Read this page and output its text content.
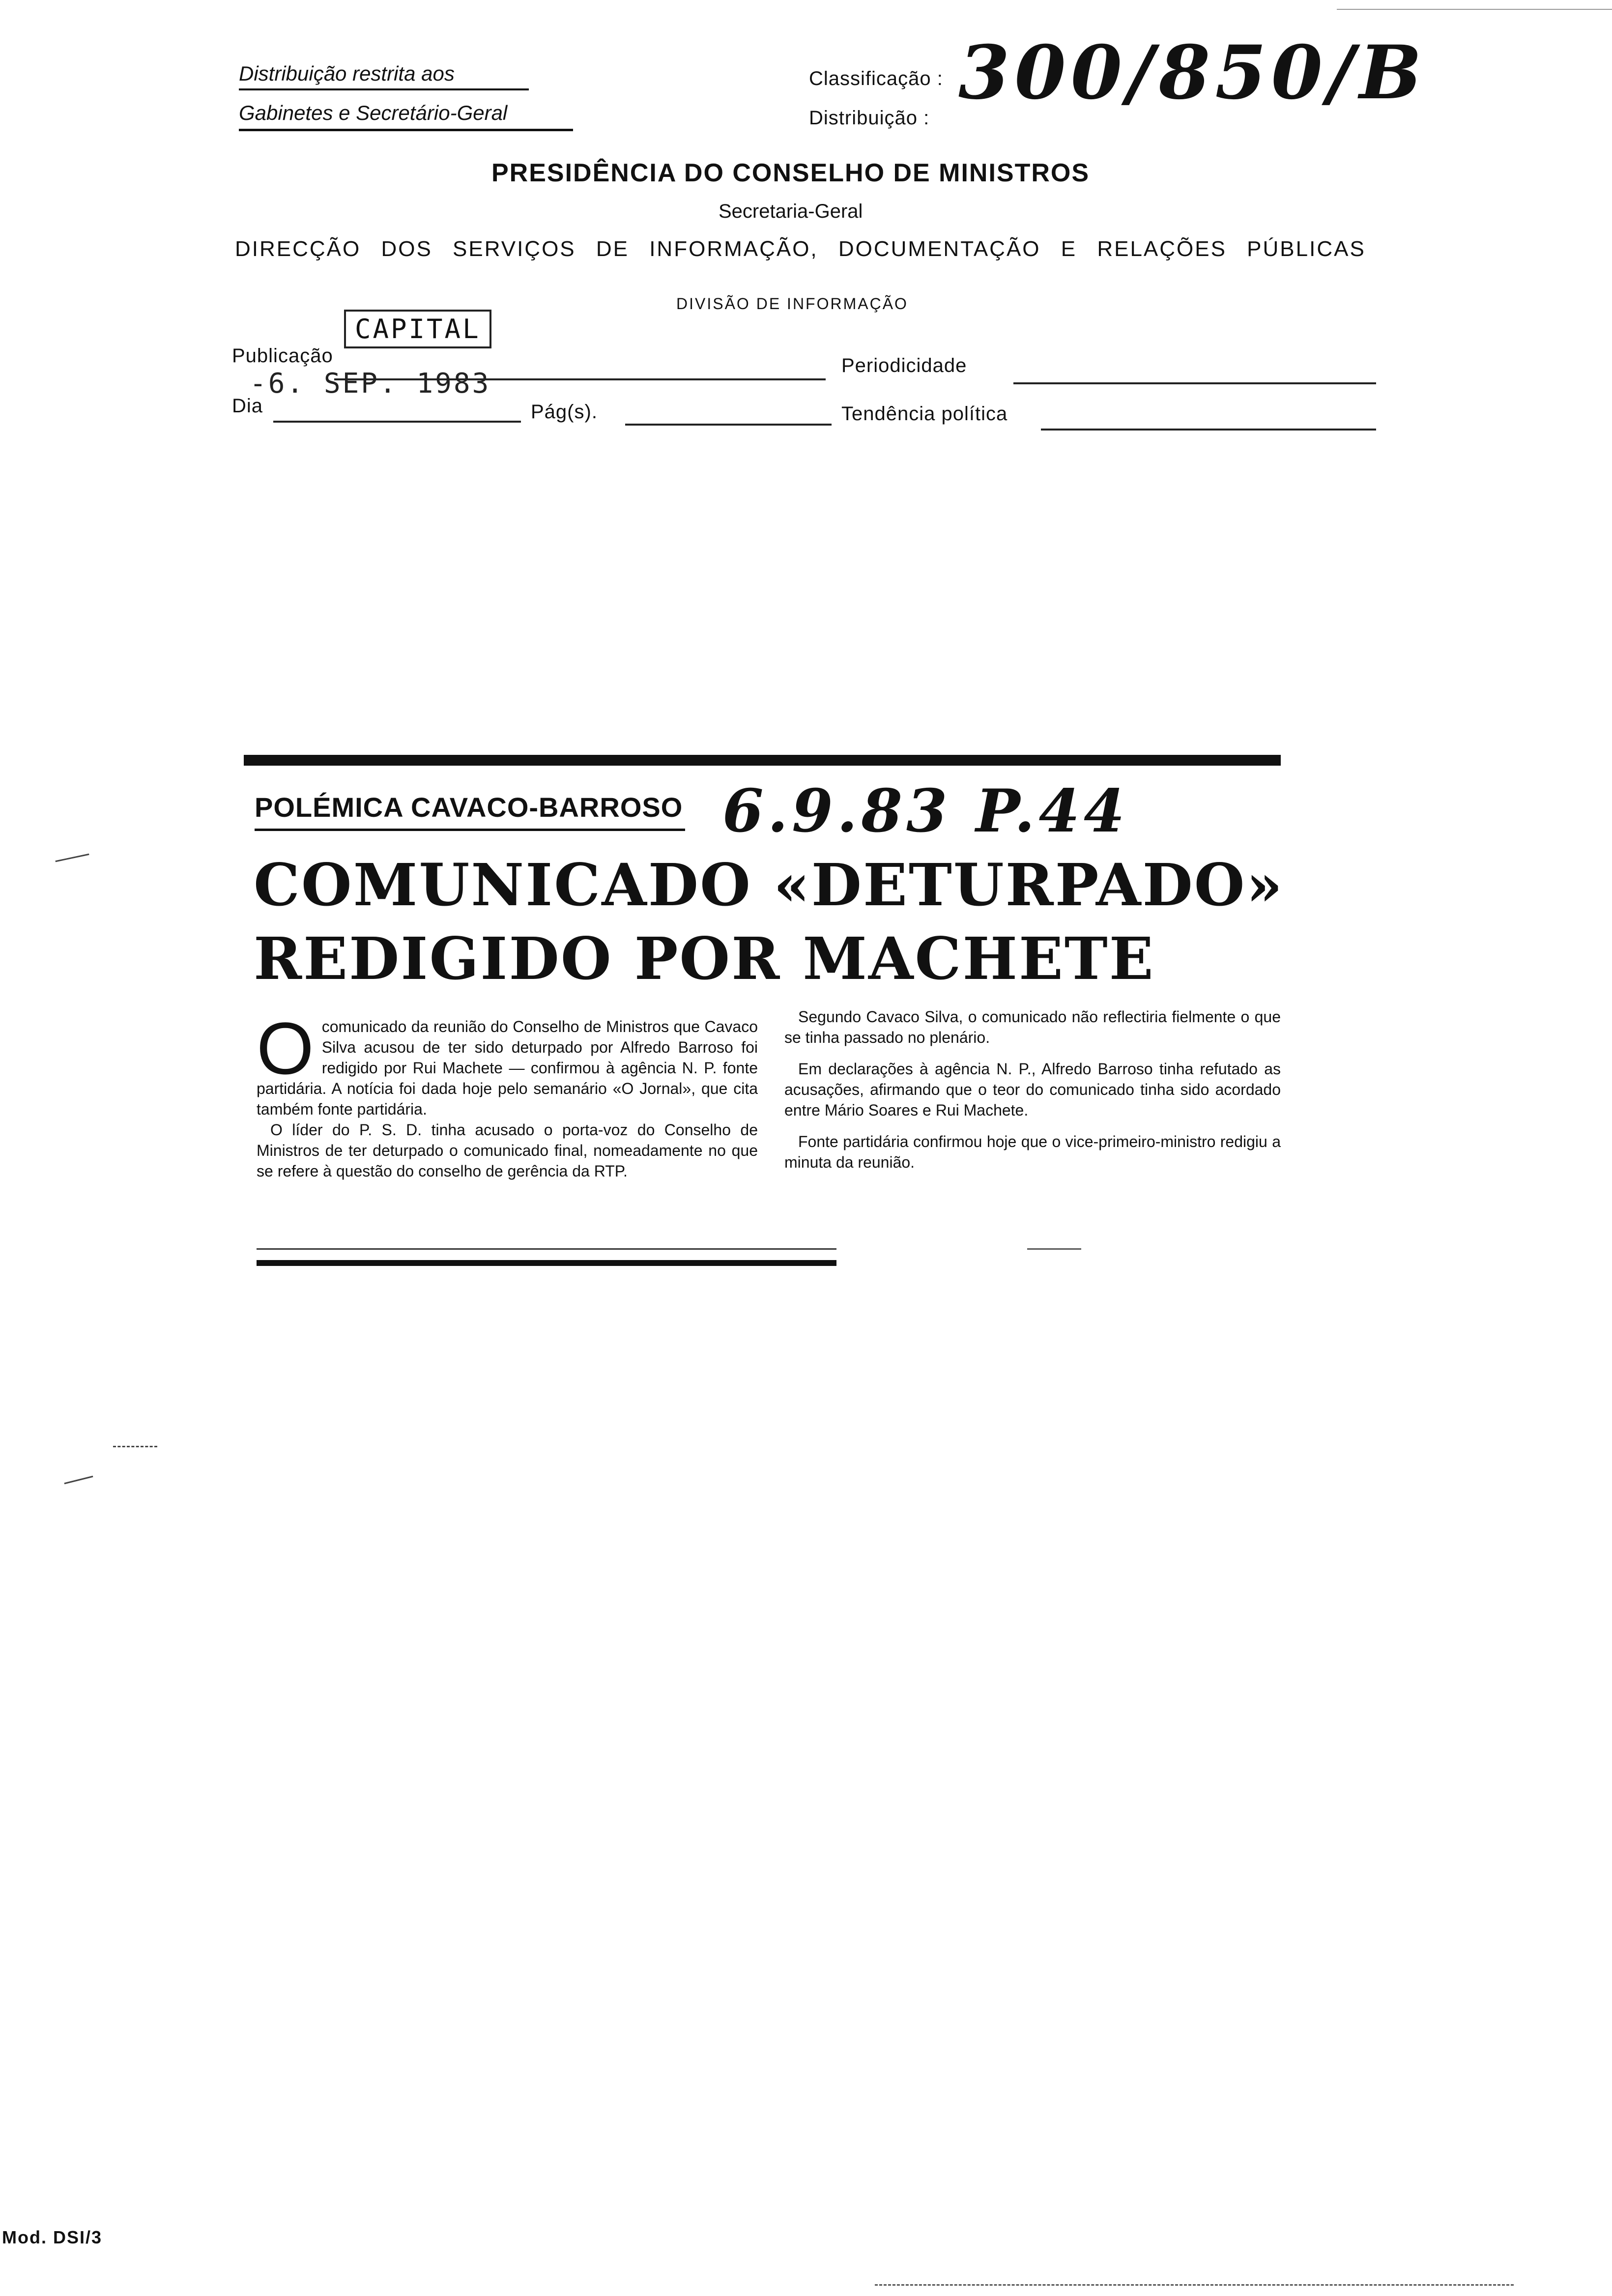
Distribuição restrita aos
Gabinetes e Secretário-Geral
Classificação :
Distribuição :
300/850/B
PRESIDÊNCIA DO CONSELHO DE MINISTROS
Secretaria-Geral
DIRECÇÃO DOS SERVIÇOS DE INFORMAÇÃO, DOCUMENTAÇÃO E RELAÇÕES PÚBLICAS
DIVISÃO DE INFORMAÇÃO
CAPITAL
Publicação
-6. SEP. 1983
Periodicidade
Dia	Pág(s).	Tendência política
POLÉMICA CAVACO-BARROSO 6.9.83 P.44
COMUNICADO «DETURPADO»
REDIGIDO POR MACHETE
O comunicado da reunião do Conselho de Ministros que Cavaco Silva acusou de ter sido deturpado por Alfredo Barroso foi redigido por Rui Machete — confirmou à agência N. P. fonte partidária. A notícia foi dada hoje pelo semanário «O Jornal», que cita também fonte partidária.

O líder do P. S. D. tinha acusado o porta-voz do Conselho de Ministros de ter deturpado o comunicado final, nomeadamente no que se refere à questão do conselho de gerência da RTP.

Segundo Cavaco Silva, o comunicado não reflectiria fielmente o que se tinha passado no plenário.

Em declarações à agência N. P., Alfredo Barroso tinha refutado as acusações, afirmando que o teor do comunicado tinha sido acordado entre Mário Soares e Rui Machete.

Fonte partidária confirmou hoje que o vice-primeiro-ministro redigiu a minuta da reunião.

Mod. DSI/3
